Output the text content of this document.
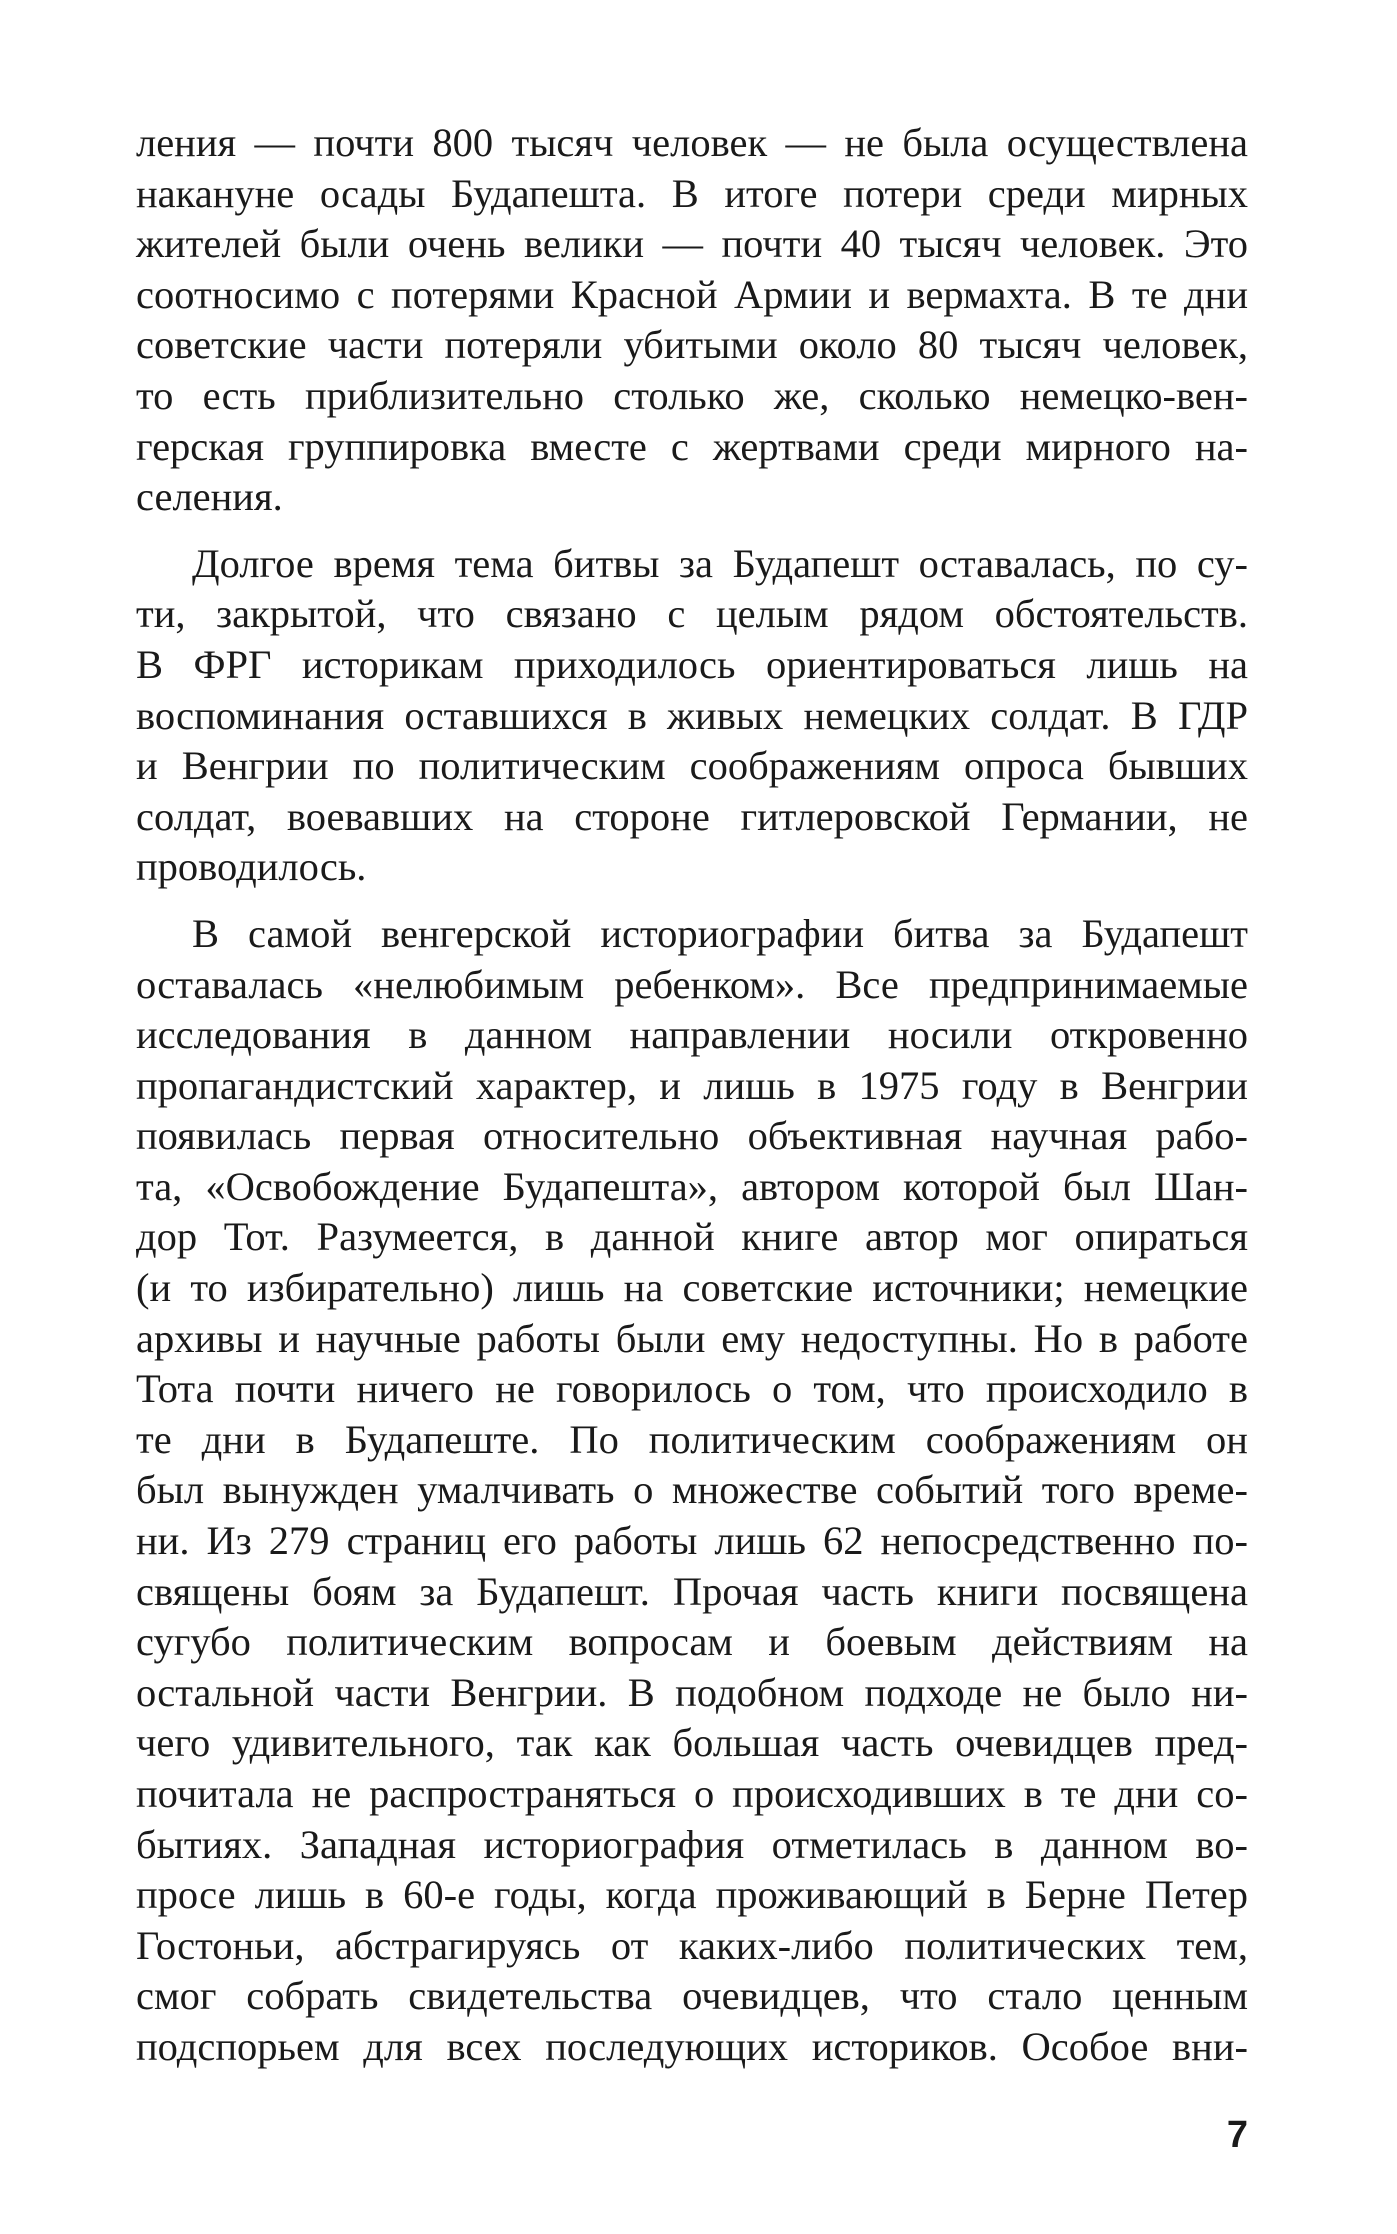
ления — почти 800 тысяч человек — не была осуществлена
накануне осады Будапешта. В итоге потери среди мирных
жителей были очень велики — почти 40 тысяч человек. Это
соотносимо с потерями Красной Армии и вермахта. В те дни
советские части потеряли убитыми около 80 тысяч человек,
то есть приблизительно столько же, сколько немецко-вен-
герская группировка вместе с жертвами среди мирного на-
селения.
Долгое время тема битвы за Будапешт оставалась, по су-
ти, закрытой, что связано с целым рядом обстоятельств.
В ФРГ историкам приходилось ориентироваться лишь на
воспоминания оставшихся в живых немецких солдат. В ГДР
и Венгрии по политическим соображениям опроса бывших
солдат, воевавших на стороне гитлеровской Германии, не
проводилось.
В самой венгерской историографии битва за Будапешт
оставалась «нелюбимым ребенком». Все предпринимаемые
исследования в данном направлении носили откровенно
пропагандистский характер, и лишь в 1975 году в Венгрии
появилась первая относительно объективная научная рабо-
та, «Освобождение Будапешта», автором которой был Шан-
дор Тот. Разумеется, в данной книге автор мог опираться
(и то избирательно) лишь на советские источники; немецкие
архивы и научные работы были ему недоступны. Но в работе
Тота почти ничего не говорилось о том, что происходило в
те дни в Будапеште. По политическим соображениям он
был вынужден умалчивать о множестве событий того време-
ни. Из 279 страниц его работы лишь 62 непосредственно по-
священы боям за Будапешт. Прочая часть книги посвящена
сугубо политическим вопросам и боевым действиям на
остальной части Венгрии. В подобном подходе не было ни-
чего удивительного, так как большая часть очевидцев пред-
почитала не распространяться о происходивших в те дни со-
бытиях. Западная историография отметилась в данном во-
просе лишь в 60-е годы, когда проживающий в Берне Петер
Гостоньи, абстрагируясь от каких-либо политических тем,
смог собрать свидетельства очевидцев, что стало ценным
подспорьем для всех последующих историков. Особое вни-
7
